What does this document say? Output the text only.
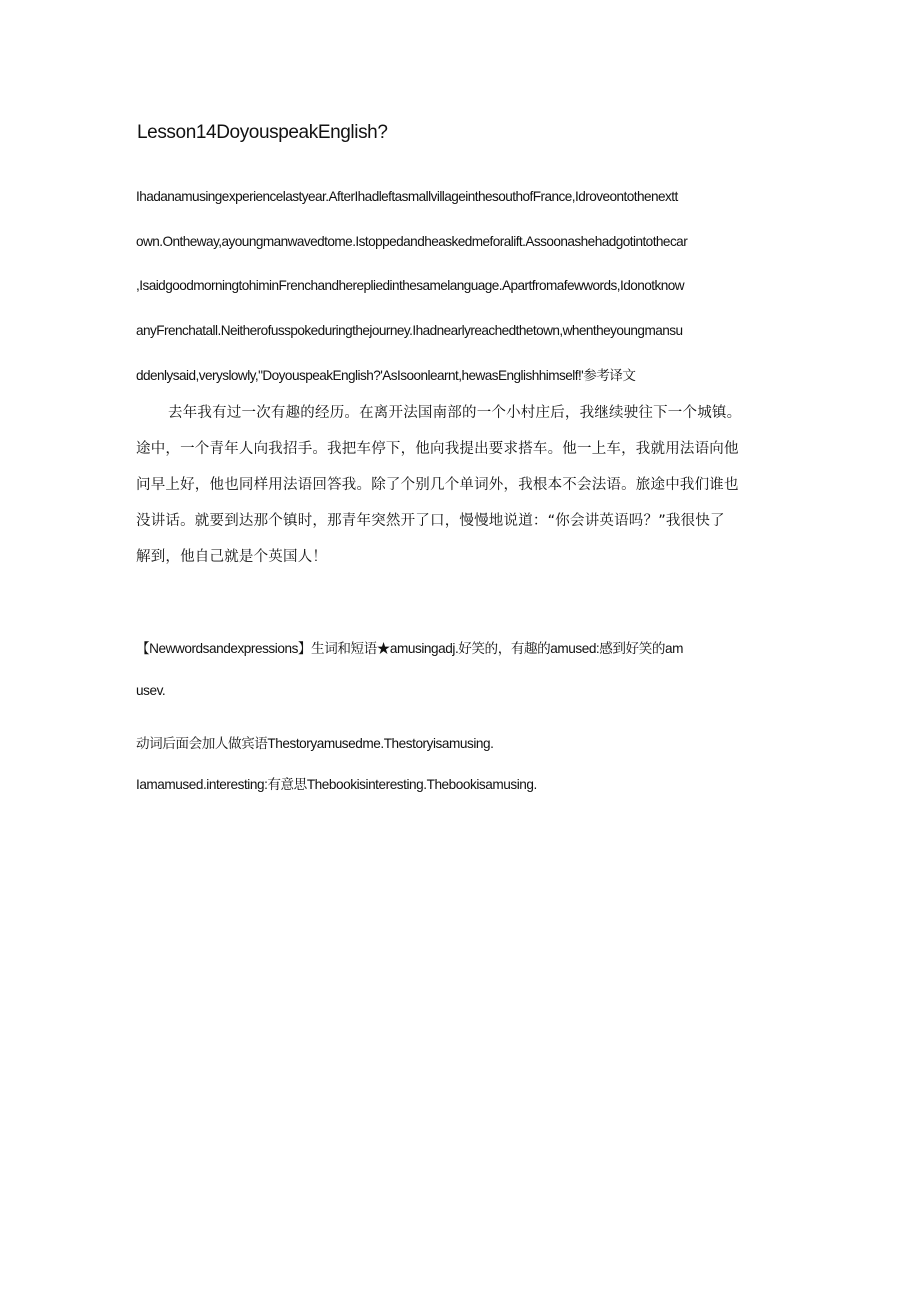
Lesson14DoyouspeakEnglish?
Ihadanamusingexperiencelastyear.AfterIhadleftasmallvillageinthesouthofFrance,Idroveontothenextt
own.Ontheway,ayoungmanwavedtome.Istoppedandheaskedmeforalift.Assoonashehadgotintothecar
,IsaidgoodmorningtohiminFrenchandherepliedinthesamelanguage.Apartfromafewwords,Idonotknow
anyFrenchatall.Neitherofusspokeduringthejourney.Ihadnearlyreachedthetown,whentheyoungmansu
ddenlysaid,veryslowly,"DoyouspeakEnglish?'AsIsoonlearnt,hewasEnglishhimself!'参考译文
去年我有过一次有趣的经历。在离开法国南部的一个小村庄后，我继续驶往下一个城镇。
途中，一个青年人向我招手。我把车停下，他向我提出要求搭车。他一上车，我就用法语向他
问早上好，他也同样用法语回答我。除了个别几个单词外，我根本不会法语。旅途中我们谁也
没讲话。就要到达那个镇时，那青年突然开了口，慢慢地说道：“你会讲英语吗？”我很快了
解到，他自己就是个英国人！
【Newwordsandexpressions】生词和短语★amusingadj.好笑的，有趣的amused:感到好笑的am
usev.
动词后面会加人做宾语Thestoryamusedme.Thestoryisamusing.
Iamamused.interesting:有意思Thebookisinteresting.Thebookisamusing.
